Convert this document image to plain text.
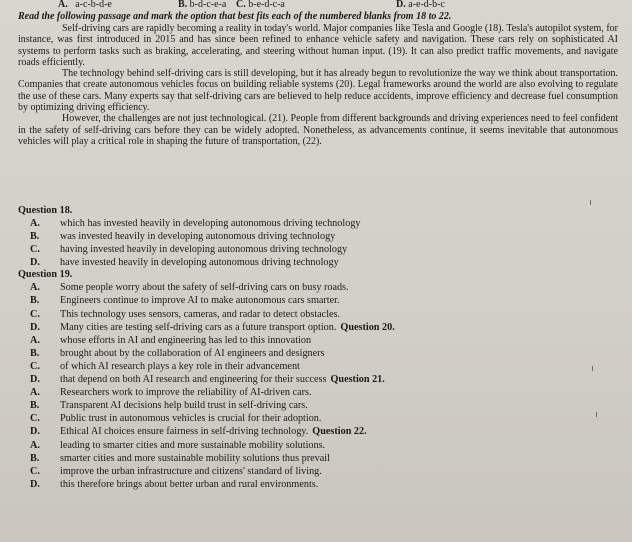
A. a-c-b-d-e	B. b-d-c-e-a C. b-e-d-c-a	D. a-e-d-b-c

Read the following passage and mark the option that best fits each of the numbered blanks from 18 to 22.

Self-driving cars are rapidly becoming a reality in today's world. Major companies like Tesla and Google (18). Tesla's autopilot system, for instance, was first introduced in 2015 and has since been refined to enhance vehicle safety and navigation. These cars rely on sophisticated AI systems to perform tasks such as braking, accelerating, and steering without human input. (19). It can also predict traffic movements, and navigate roads efficiently.

The technology behind self-driving cars is still developing, but it has already begun to revolutionize the way we think about transportation. Companies that create autonomous vehicles focus on building reliable systems (20). Legal frameworks around the world are also evolving to regulate the use of these cars. Many experts say that self-driving cars are believed to help reduce accidents, improve efficiency and decrease fuel consumption by optimizing driving efficiency.

However, the challenges are not just technological. (21). People from different backgrounds and driving experiences need to feel confident in the safety of self-driving cars before they can be widely adopted. Nonetheless, as advancements continue, it seems inevitable that autonomous vehicles will play a critical role in shaping the future of transportation, (22).

Question 18.
A.	which has invested heavily in developing autonomous driving technology
B.	was invested heavily in developing autonomous driving technology
C.	having invested heavily in developing autonomous driving technology
D.	have invested heavily in developing autonomous driving technology
Question 19.
A.	Some people worry about the safety of self-driving cars on busy roads.
B.	Engineers continue to improve AI to make autonomous cars smarter.
C.	This technology uses sensors, cameras, and radar to detect obstacles.
D.	Many cities are testing self-driving cars as a future transport option. Question 20.
A.	whose efforts in AI and engineering has led to this innovation
B.	brought about by the collaboration of AI engineers and designers
C.	of which AI research plays a key role in their advancement
D.	that depend on both AI research and engineering for their success Question 21.
A.	Researchers work to improve the reliability of AI-driven cars.
B.	Transparent AI decisions help build trust in self-driving cars.
C.	Public trust in autonomous vehicles is crucial for their adoption.
D.	Ethical AI choices ensure fairness in self-driving technology. Question 22.
A.	leading to smarter cities and more sustainable mobility solutions.
B.	smarter cities and more sustainable mobility solutions thus prevail
C.	improve the urban infrastructure and citizens' standard of living.
D.	this therefore brings about better urban and rural environments.
